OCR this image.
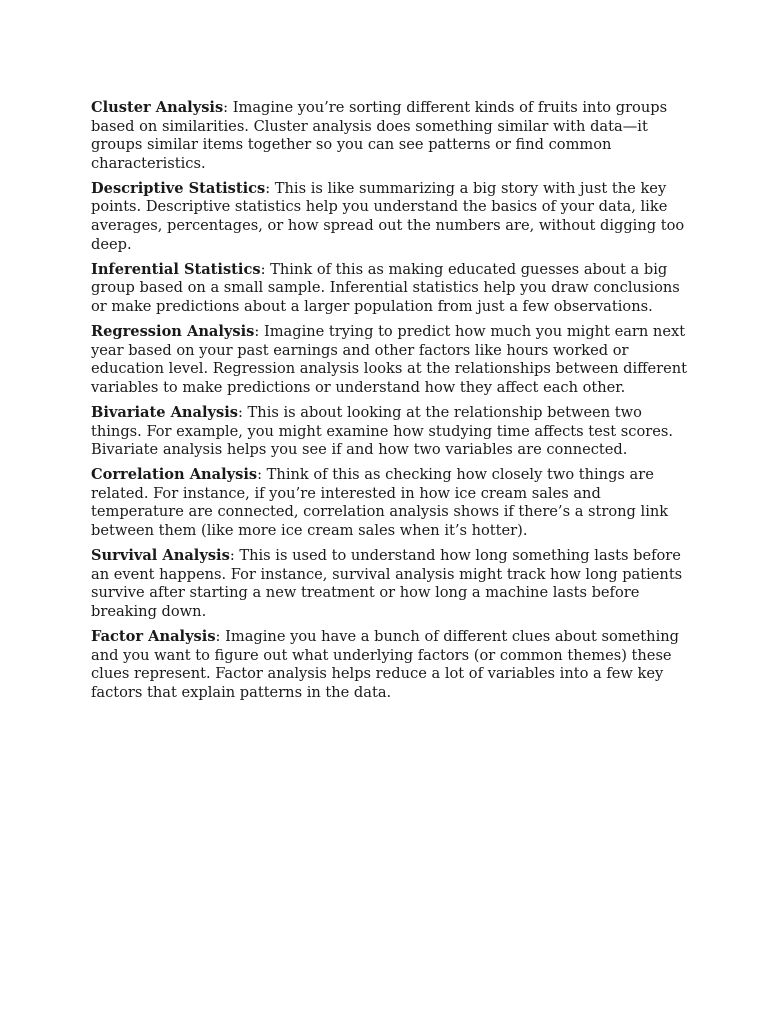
Cluster Analysis: Imagine you’re sorting different kinds of fruits into groups based on similarities. Cluster analysis does something similar with data—it groups similar items together so you can see patterns or find common characteristics.

Descriptive Statistics: This is like summarizing a big story with just the key points. Descriptive statistics help you understand the basics of your data, like averages, percentages, or how spread out the numbers are, without digging too deep.

Inferential Statistics: Think of this as making educated guesses about a big group based on a small sample. Inferential statistics help you draw conclusions or make predictions about a larger population from just a few observations.

Regression Analysis: Imagine trying to predict how much you might earn next year based on your past earnings and other factors like hours worked or education level. Regression analysis looks at the relationships between different variables to make predictions or understand how they affect each other.

Bivariate Analysis: This is about looking at the relationship between two things. For example, you might examine how studying time affects test scores. Bivariate analysis helps you see if and how two variables are connected.

Correlation Analysis: Think of this as checking how closely two things are related. For instance, if you’re interested in how ice cream sales and temperature are connected, correlation analysis shows if there’s a strong link between them (like more ice cream sales when it’s hotter).

Survival Analysis: This is used to understand how long something lasts before an event happens. For instance, survival analysis might track how long patients survive after starting a new treatment or how long a machine lasts before breaking down.

Factor Analysis: Imagine you have a bunch of different clues about something and you want to figure out what underlying factors (or common themes) these clues represent. Factor analysis helps reduce a lot of variables into a few key factors that explain patterns in the data.
